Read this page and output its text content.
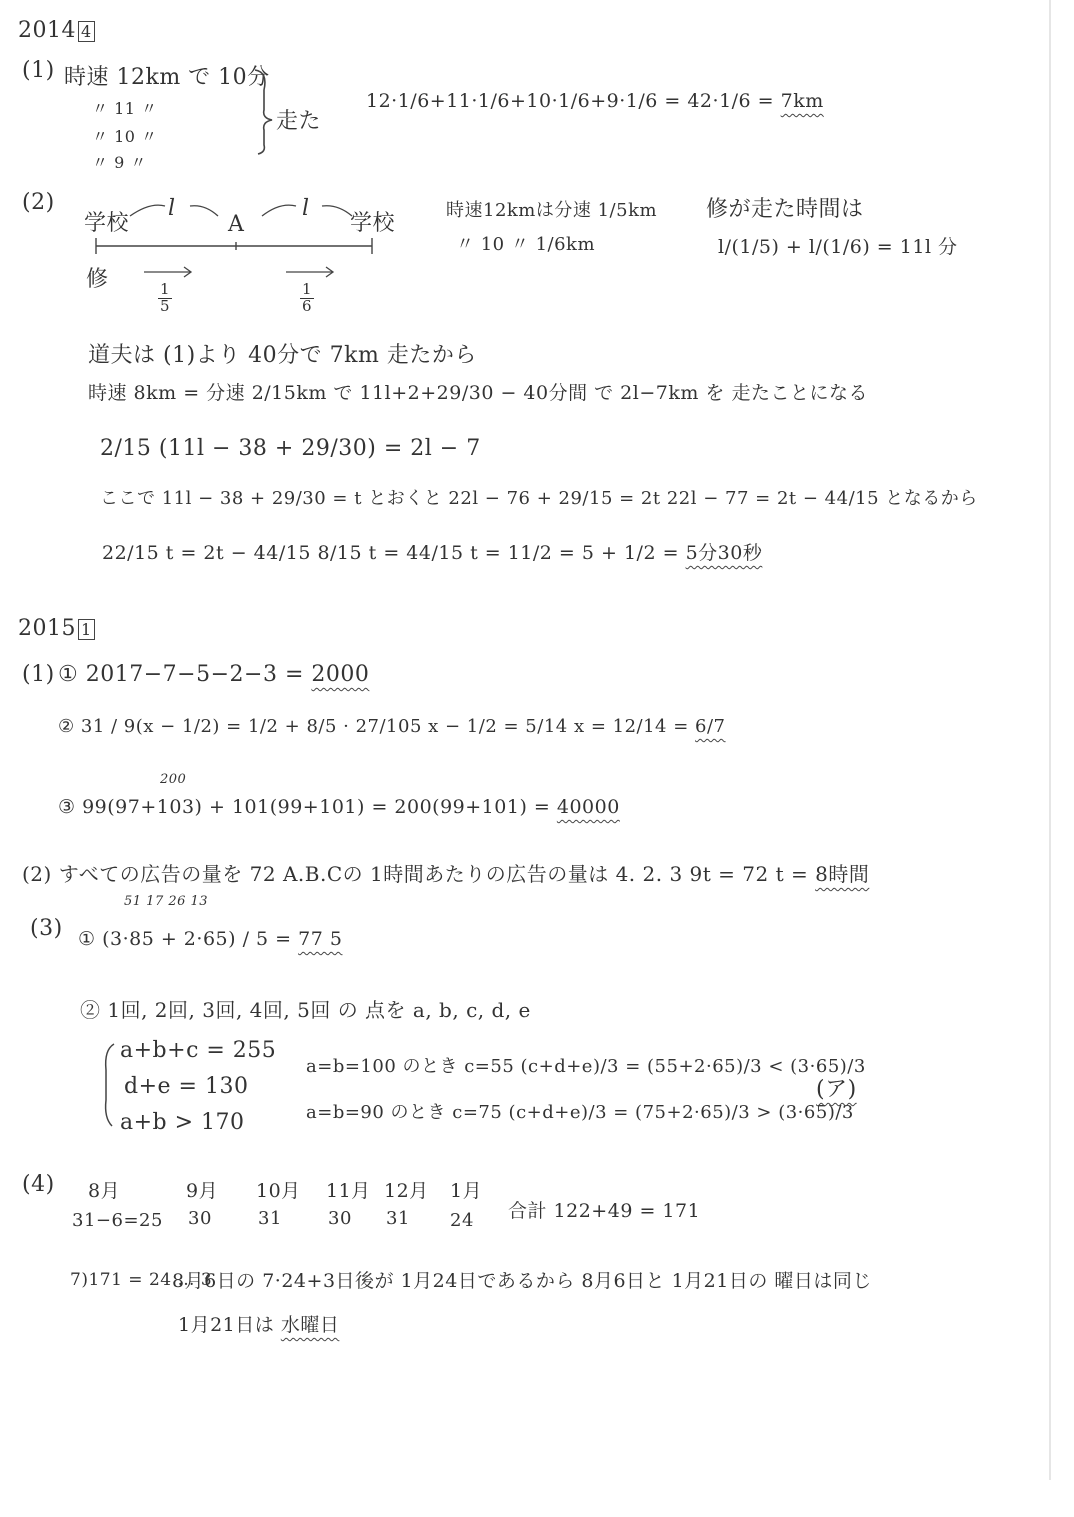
2014 4
(1) 時速 12km で 10分
〃 11 〃
〃 10 〃
〃 9 〃
走た
12·1/6+11·1/6+10·1/6+9·1/6 = 42·1/6 = 7km
(2)
学校
l
A
l
学校
修
$\frac{1}{5}$	$\frac{1}{6}$
時速12kmは分速 1/5km
〃 10 〃 1/6km
修が走た時間は
l/(1/5) + l/(1/6) = 11l 分
道夫は (1)より 40分で 7km 走たから
時速 8km = 分速 2/15km で 11l+2+29/30 − 40分間 で 2l−7km を 走たことになる
2/15 (11l − 38 + 29/30) = 2l − 7
ここで 11l − 38 + 29/30 = t とおくと 22l − 76 + 29/15 = 2t 22l − 77 = 2t − 44/15 となるから
22/15 t = 2t − 44/15 8/15 t = 44/15 t = 11/2 = 5 + 1/2 = 5分30秒
2015 1
(1) ① 2017−7−5−2−3 = 2000
② 31 / 9(x − 1/2) = 1/2 + 8/5 · 27/105 x − 1/2 = 5/14 x = 12/14 = 6/7
200
③ 99(97+103) + 101(99+101) = 200(99+101) = 40000
(2) すべての広告の量を 72 A.B.Cの 1時間あたりの広告の量は 4. 2. 3 9t = 72 t = 8時間
(3)
51 17 26 13
① (3·85 + 2·65) / 5 = 77 5
② 1回, 2回, 3回, 4回, 5回 の 点を a, b, c, d, e
a+b+c = 255
d+e = 130
a+b > 170
a=b=100 のとき c=55 (c+d+e)/3 = (55+2·65)/3 < (3·65)/3
a=b=90 のとき c=75 (c+d+e)/3 = (75+2·65)/3 > (3·65)/3
(ア)
(4) 8月	9月 10月 11月 12月 1月
31−6=25 30	31	30 31 24 合計 122+49 = 171
7)171 = 24 … 3
8月6日の 7·24+3日後が 1月24日であるから 8月6日と 1月21日の 曜日は同じ
1月21日は 水曜日
